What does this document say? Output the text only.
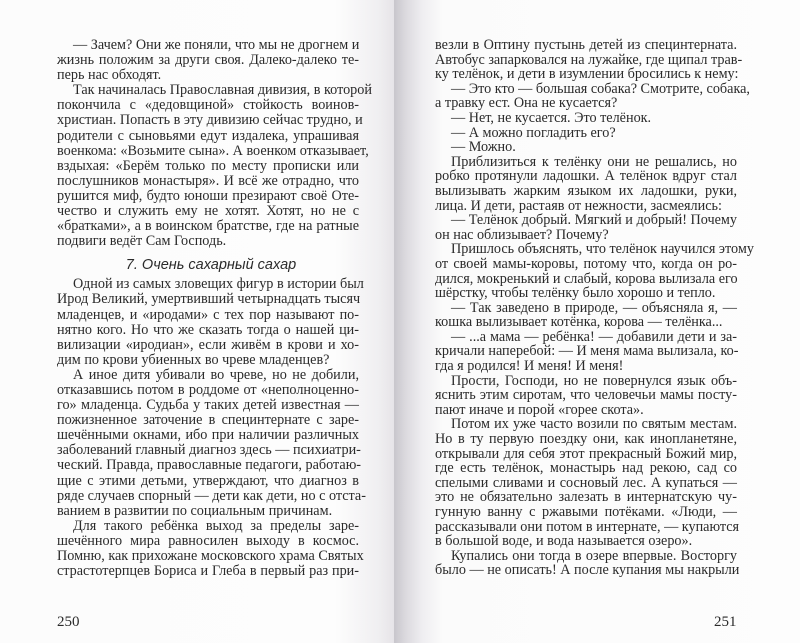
— Зачем? Они же поняли, что мы не дрогнем и
жизнь положим за други своя. Далеко-далеко те-
перь нас обходят.
Так начиналась Православная дивизия, в которой
покончила с «дедовщиной» стойкость воинов-
христиан. Попасть в эту дивизию сейчас трудно, и
родители с сыновьями едут издалека, упрашивая
военкома: «Возьмите сына». А военком отказывает,
вздыхая: «Берём только по месту прописки или
послушников монастыря». И всё же отрадно, что
рушится миф, будто юноши презирают своё Оте-
чество и служить ему не хотят. Хотят, но не с
«братками», а в воинском братстве, где на ратные
подвиги ведёт Сам Господь.
7. Очень сахарный сахар
Одной из самых зловещих фигур в истории был
Ирод Великий, умертвивший четырнадцать тысяч
младенцев, и «иродами» с тех пор называют по-
нятно кого. Но что же сказать тогда о нашей ци-
вилизации «иродиан», если живём в крови и хо-
дим по крови убиенных во чреве младенцев?
А иное дитя убивали во чреве, но не добили,
отказавшись потом в роддоме от «неполноценно-
го» младенца. Судьба у таких детей известная —
пожизненное заточение в специнтернате с заре-
шечёнными окнами, ибо при наличии различных
заболеваний главный диагноз здесь — психиатри-
ческий. Правда, православные педагоги, работаю-
щие с этими детьми, утверждают, что диагноз в
ряде случаев спорный — дети как дети, но с отста-
ванием в развитии по социальным причинам.
Для такого ребёнка выход за пределы заре-
шечённого мира равносилен выходу в космос.
Помню, как прихожане московского храма Святых
страстотерпцев Бориса и Глеба в первый раз при-
250
везли в Оптину пустынь детей из специнтерната.
Автобус запарковался на лужайке, где щипал трав-
ку телёнок, и дети в изумлении бросились к нему:
— Это кто — большая собака? Смотрите, собака,
а травку ест. Она не кусается?
— Нет, не кусается. Это телёнок.
— А можно погладить его?
— Можно.
Приблизиться к телёнку они не решались, но
робко протянули ладошки. А телёнок вдруг стал
вылизывать жарким языком их ладошки, руки,
лица. И дети, растаяв от нежности, засмеялись:
— Телёнок добрый. Мягкий и добрый! Почему
он нас облизывает? Почему?
Пришлось объяснять, что телёнок научился этому
от своей мамы-коровы, потому что, когда он ро-
дился, мокренький и слабый, корова вылизала его
шёрстку, чтобы телёнку было хорошо и тепло.
— Так заведено в природе, — объясняла я, —
кошка вылизывает котёнка, корова — телёнка...
— ...а мама — ребёнка! — добавили дети и за-
кричали наперебой: — И меня мама вылизала, ко-
гда я родился! И меня! И меня!
Прости, Господи, но не повернулся язык объ-
яснить этим сиротам, что человечьи мамы посту-
пают иначе и порой «горее скота».
Потом их уже часто возили по святым местам.
Но в ту первую поездку они, как инопланетяне,
открывали для себя этот прекрасный Божий мир,
где есть телёнок, монастырь над рекою, сад со
спелыми сливами и сосновый лес. А купаться —
это не обязательно залезать в интернатскую чу-
гунную ванну с ржавыми потёками. «Люди, —
рассказывали они потом в интернате, — купаются
в большой воде, и вода называется озеро».
Купались они тогда в озере впервые. Восторгу
было — не описать! А после купания мы накрыли
251
